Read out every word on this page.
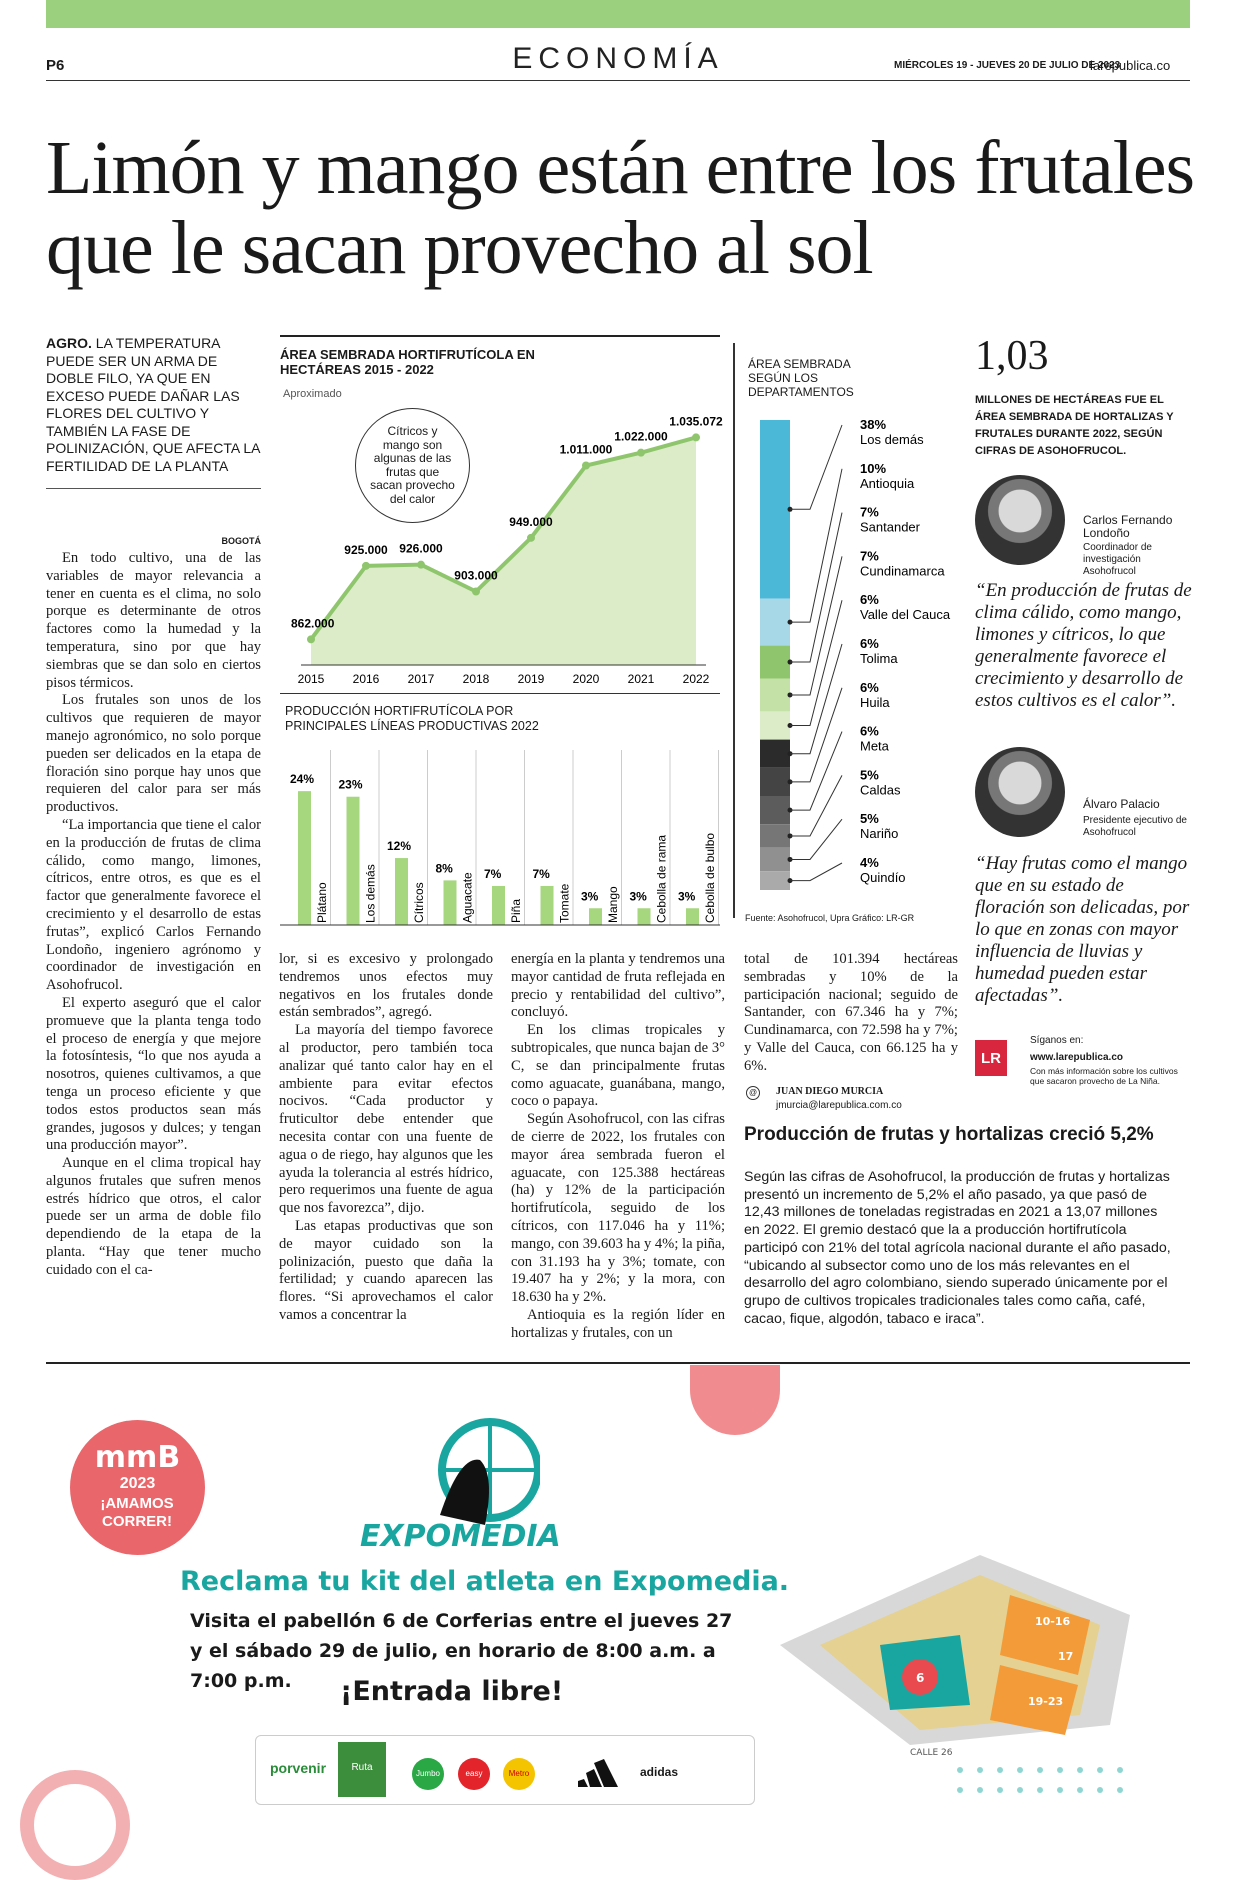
P6	ECONOMÍA	MIÉRCOLES 19 - JUEVES 20 DE JULIO DE 2023
larepublica.co
Limón y mango están entre los frutales que le sacan provecho al sol
AGRO. LA TEMPERATURA PUEDE SER UN ARMA DE DOBLE FILO, YA QUE EN EXCESO PUEDE DAÑAR LAS FLORES DEL CULTIVO Y TAMBIÉN LA FASE DE POLINIZACIÓN, QUE AFECTA LA FERTILIDAD DE LA PLANTA
BOGOTÁ

En todo cultivo, una de las variables de mayor relevancia a tener en cuenta es el clima, no solo porque es determinante de otros factores como la humedad y la temperatura, sino por que hay siembras que se dan solo en ciertos pisos térmicos.

Los frutales son unos de los cultivos que requieren de mayor manejo agronómico, no solo porque pueden ser delicados en la etapa de floración sino porque hay unos que requieren del calor para ser más productivos.

“La importancia que tiene el calor en la producción de frutas de clima cálido, como mango, limones, cítricos, entre otros, es que es el factor que generalmente favorece el crecimiento y el desarrollo de estas frutas”, explicó Carlos Fernando Londoño, ingeniero agrónomo y coordinador de investigación en Asohofrucol.

El experto aseguró que el calor promueve que la planta tenga todo el proceso de energía y que mejore la fotosíntesis, “lo que nos ayuda a nosotros, quienes cultivamos, a que tenga un proceso eficiente y que todos estos productos sean más grandes, jugosos y dulces; y tengan una producción mayor”.

Aunque en el clima tropical hay algunos frutales que sufren menos estrés hídrico que otros, el calor puede ser un arma de doble filo dependiendo de la etapa de la planta. “Hay que tener mucho cuidado con el ca-

lor, si es excesivo y prolongado tendremos unos efectos muy negativos en los frutales donde están sembrados”, agregó.

La mayoría del tiempo favorece al productor, pero también toca analizar qué tanto calor hay en el ambiente para evitar efectos nocivos. “Cada productor y fruticultor debe entender que necesita contar con una fuente de agua o de riego, hay algunos que les ayuda la tolerancia al estrés hídrico, pero requerimos una fuente de agua que nos favorezca”, dijo.

Las etapas productivas que son de mayor cuidado son la polinización, puesto que daña la fertilidad; y cuando aparecen las flores. “Si aprovechamos el calor vamos a concentrar la

energía en la planta y tendremos una mayor cantidad de fruta reflejada en precio y rentabilidad del cultivo”, concluyó.

En los climas tropicales y subtropicales, que nunca bajan de 3° C, se dan principalmente frutas como aguacate, guanábana, mango, coco o papaya.

Según Asohofrucol, con las cifras de cierre de 2022, los frutales con mayor área sembrada fueron el aguacate, con 125.388 hectáreas (ha) y 12% de la participación hortifrutícola, seguido de los cítricos, con 117.046 ha y 11%; mango, con 39.603 ha y 4%; la piña, con 31.193 ha y 3%; tomate, con 19.407 ha y 2%; y la mora, con 18.630 ha y 2%.

Antioquia es la región líder en hortalizas y frutales, con un

total de 101.394 hectáreas sembradas y 10% de la participación nacional; seguido de Santander, con 67.346 ha y 7%; Cundinamarca, con 72.598 ha y 7%; y Valle del Cauca, con 66.125 ha y 6%.

ÁREA SEMBRADA HORTIFRUTÍCOLA EN HECTÁREAS 2015 - 2022
Aproximado
862.000
2015
925.000
2016
926.000
2017
903.000
2018
949.000
2019
1.011.000
2020
1.022.000
2021
1.035.072
2022
Cítricos y mango son algunas de las frutas que sacan provecho del calor
PRODUCCIÓN HORTIFRUTÍCOLA POR PRINCIPALES LÍNEAS PRODUCTIVAS 2022
24%
Plátano
23%
Los demás
12%
Cítricos
8%
Aguacate 7%
Piña
7%
Tomate 3% Mango 3% Cebolla de rama 3% Cebolla de bulbo
ÁREA SEMBRADA SEGÚN LOS DEPARTAMENTOS
38%
Los demás
10%
Antioquia
7%
Santander
7%
Cundinamarca
6%
Valle del Cauca
6%
Tolima
6%
Huila
6%
Meta
5%
Caldas
5%
Nariño
4%
Quindío
Fuente: Asohofrucol, Upra Gráfico: LR-GR
1,03
MILLONES DE HECTÁREAS FUE EL ÁREA SEMBRADA DE HORTALIZAS Y FRUTALES DURANTE 2022, SEGÚN CIFRAS DE ASOHOFRUCOL.
Carlos Fernando Londoño
Coordinador de investigación Asohofrucol
“En producción de frutas de clima cálido, como mango, limones y cítricos, lo que generalmente favorece el crecimiento y desarrollo de estos cultivos es el calor”.
Álvaro Palacio
Presidente ejecutivo de Asohofrucol
“Hay frutas como el mango que en su estado de floración son delicadas, por lo que en zonas con mayor influencia de lluvias y humedad pueden estar afectadas”.
LR
Síganos en:
www.larepublica.co
Con más información sobre los cultivos que sacaron provecho de La Niña.
@ JUAN DIEGO MURCIA
jmurcia@larepublica.com.co
Producción de frutas y hortalizas creció 5,2%
Según las cifras de Asohofrucol, la producción de frutas y hortalizas presentó un incremento de 5,2% el año pasado, ya que pasó de 12,43 millones de toneladas registradas en 2021 a 13,07 millones en 2022. El gremio destacó que la a producción hortifrutícola participó con 21% del total agrícola nacional durante el año pasado, “ubicando al subsector como uno de los más relevantes en el desarrollo del agro colombiano, siendo superado únicamente por el grupo de cultivos tropicales tradicionales tales como caña, café, cacao, fique, algodón, tabaco e iraca”.
mmB
2023
¡AMAMOS CORRER!	EXPOMEDIA
Reclama tu kit del atleta en Expomedia.
Visita el pabellón 6 de Corferias entre el jueves 27 y el sábado 29 de julio, en horario de 8:00 a.m. a 7:00 p.m.	¡Entrada libre!
10-16
17
19-23
6
CALLE 26
porvenir	Ruta
Jumbo	easy	Metro	adidas
